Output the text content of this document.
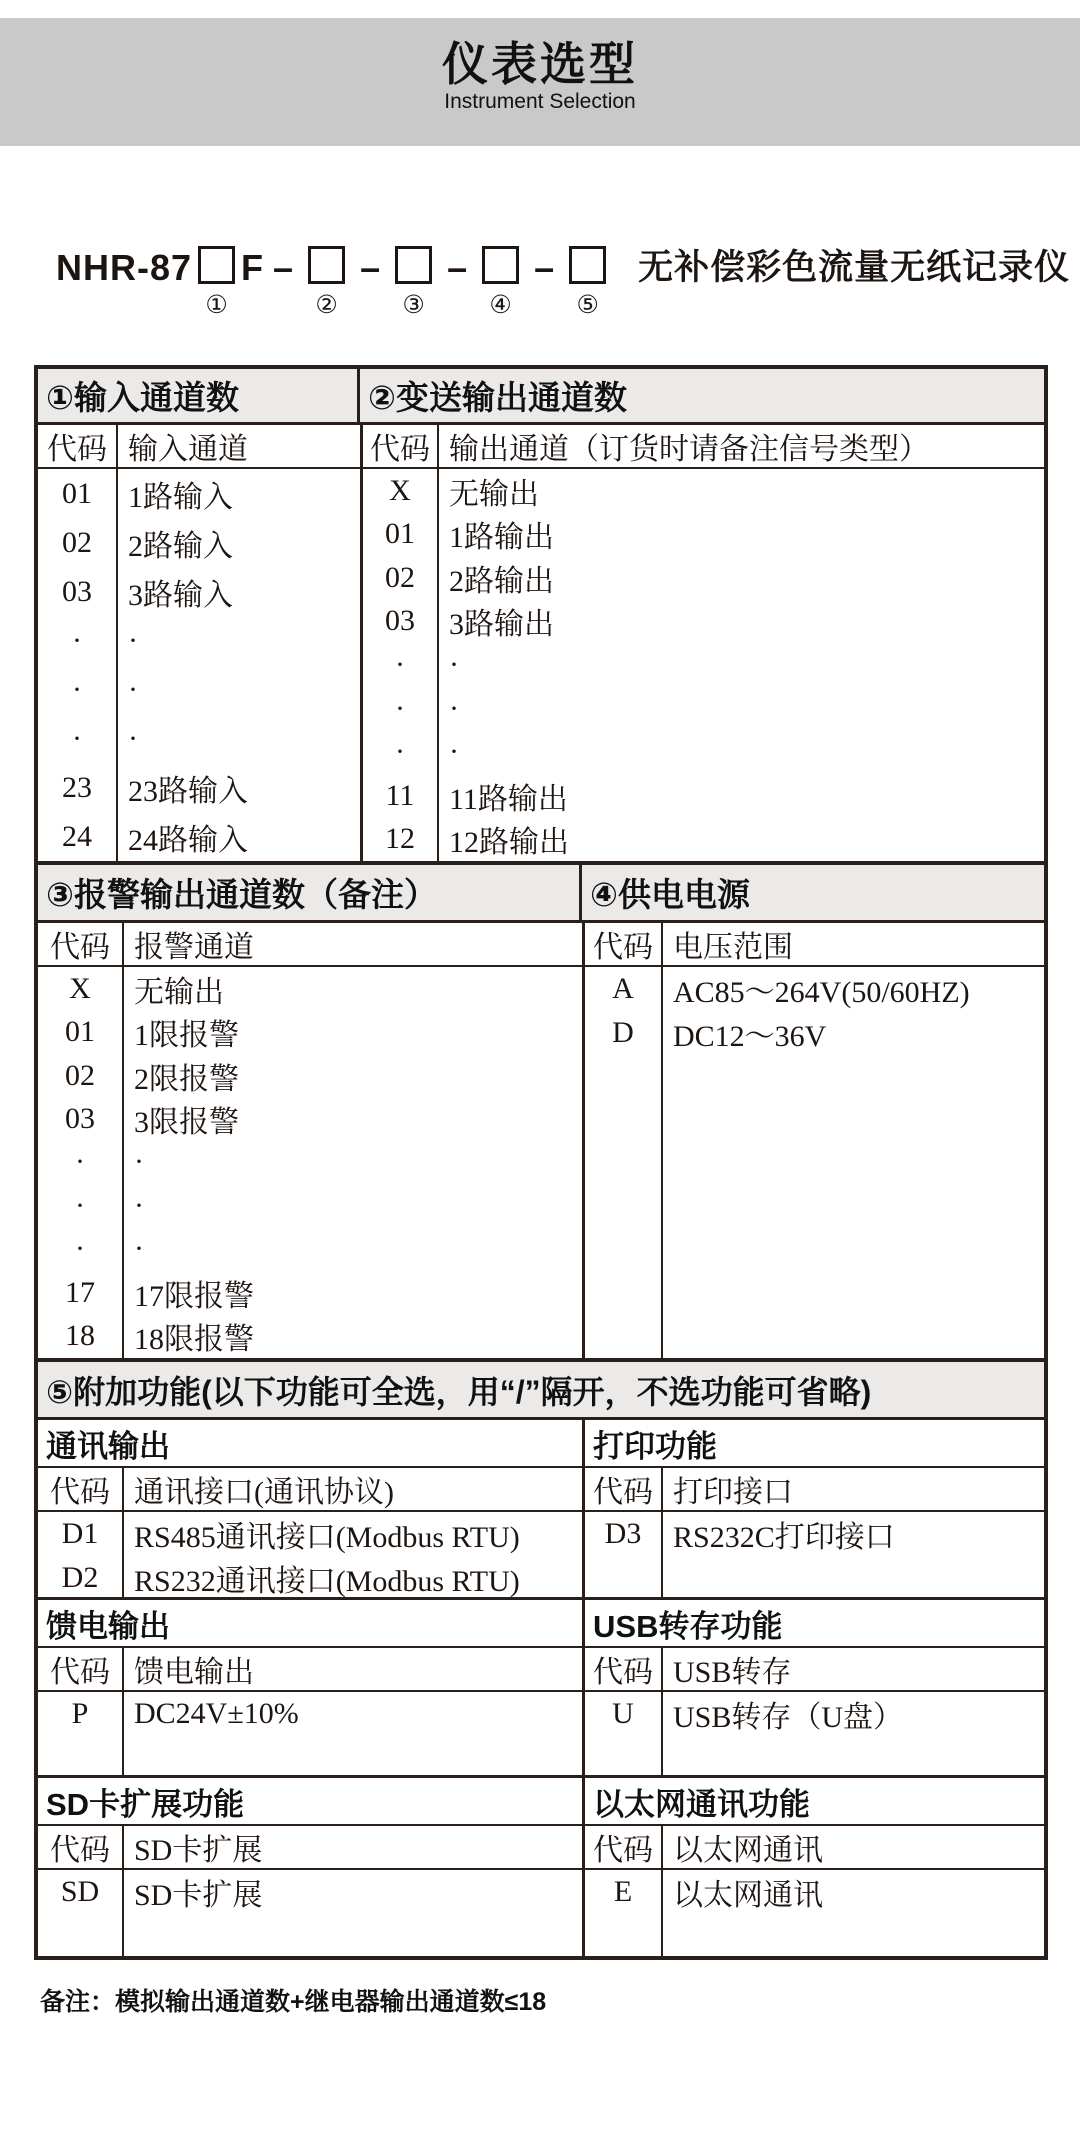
仪表选型
Instrument Selection
NHR-87
①
F –
②
–
③
–
④
–
⑤
无补偿彩色流量无纸记录仪
①输入通道数	②变送输出通道数
代码 输入通道	代码 输出通道（订货时请备注信号类型）
01	1路输入
02	2路输入
03	3路输入
·	·
·	·
·	·
23	23路输入
24	24路输入
X	无输出
01	1路输出
02	2路输出
03	3路输出
·	·
·	·
·	·
11	11路输出
12	12路输出
③报警输出通道数（备注）	④供电电源
代码 报警通道	代码 电压范围
X	无输出
01	1限报警
02	2限报警
03	3限报警
·	·
·	·
·	·
17	17限报警
18	18限报警
A	AC85～264V(50/60HZ)
D	DC12～36V
⑤附加功能(以下功能可全选，用“/”隔开，不选功能可省略)
通讯输出	打印功能
代码 通讯接口(通讯协议)	代码 打印接口
D1	RS485通讯接口(Modbus RTU)
D2	RS232通讯接口(Modbus RTU)
D3	RS232C打印接口
馈电输出	USB转存功能
代码 馈电输出	代码 USB转存
P	DC24V±10%	U	USB转存（U盘）
SD卡扩展功能	以太网通讯功能
代码 SD卡扩展	代码 以太网通讯
SD	SD卡扩展	E	以太网通讯
备注：模拟输出通道数+继电器输出通道数≤18
